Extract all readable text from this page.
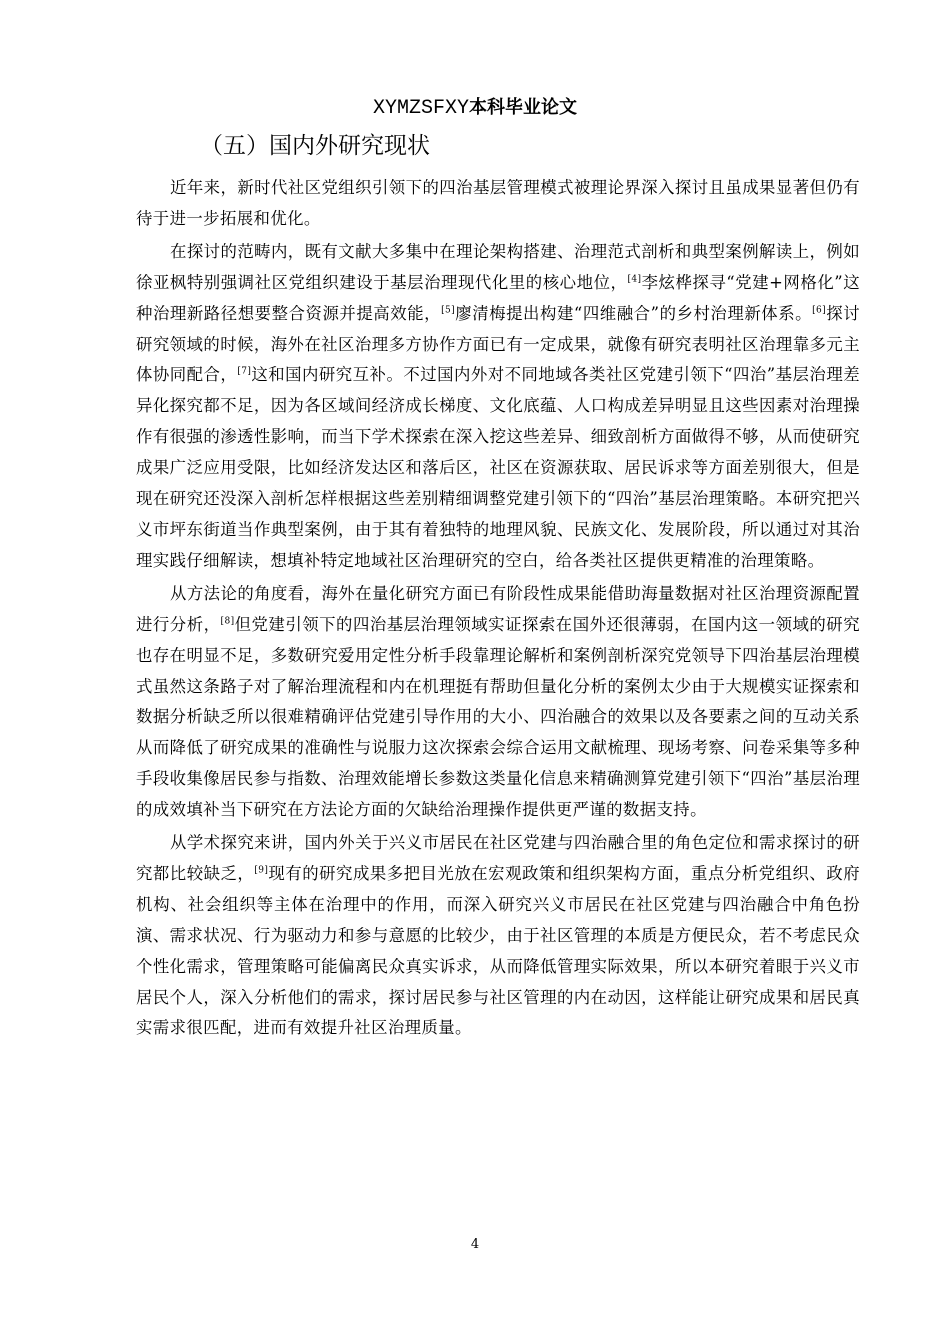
XYMZSFXY本科毕业论文
（五）国内外研究现状

近年来，新时代社区党组织引领下的四治基层管理模式被理论界深入探讨且虽成果显著但仍有待于进一步拓展和优化。

在探讨的范畴内，既有文献大多集中在理论架构搭建、治理范式剖析和典型案例解读上，例如徐亚枫特别强调社区党组织建设于基层治理现代化里的核心地位，[4]李炫桦探寻“党建+网格化”这种治理新路径想要整合资源并提高效能，[5]廖清梅提出构建“四维融合”的乡村治理新体系。[6]探讨研究领域的时候，海外在社区治理多方协作方面已有一定成果，就像有研究表明社区治理靠多元主体协同配合，[7]这和国内研究互补。不过国内外对不同地域各类社区党建引领下“四治”基层治理差异化探究都不足，因为各区域间经济成长梯度、文化底蕴、人口构成差异明显且这些因素对治理操作有很强的渗透性影响，而当下学术探索在深入挖这些差异、细致剖析方面做得不够，从而使研究成果广泛应用受限，比如经济发达区和落后区，社区在资源获取、居民诉求等方面差别很大，但是现在研究还没深入剖析怎样根据这些差别精细调整党建引领下的“四治”基层治理策略。本研究把兴义市坪东街道当作典型案例，由于其有着独特的地理风貌、民族文化、发展阶段，所以通过对其治理实践仔细解读，想填补特定地域社区治理研究的空白，给各类社区提供更精准的治理策略。

从方法论的角度看，海外在量化研究方面已有阶段性成果能借助海量数据对社区治理资源配置进行分析，[8]但党建引领下的四治基层治理领域实证探索在国外还很薄弱，在国内这一领域的研究也存在明显不足，多数研究爱用定性分析手段靠理论解析和案例剖析深究党领导下四治基层治理模式虽然这条路子对了解治理流程和内在机理挺有帮助但量化分析的案例太少由于大规模实证探索和数据分析缺乏所以很难精确评估党建引导作用的大小、四治融合的效果以及各要素之间的互动关系从而降低了研究成果的准确性与说服力这次探索会综合运用文献梳理、现场考察、问卷采集等多种手段收集像居民参与指数、治理效能增长参数这类量化信息来精确测算党建引领下“四治”基层治理的成效填补当下研究在方法论方面的欠缺给治理操作提供更严谨的数据支持。

从学术探究来讲，国内外关于兴义市居民在社区党建与四治融合里的角色定位和需求探讨的研究都比较缺乏，[9]现有的研究成果多把目光放在宏观政策和组织架构方面，重点分析党组织、政府机构、社会组织等主体在治理中的作用，而深入研究兴义市居民在社区党建与四治融合中角色扮演、需求状况、行为驱动力和参与意愿的比较少，由于社区管理的本质是方便民众，若不考虑民众个性化需求，管理策略可能偏离民众真实诉求，从而降低管理实际效果，所以本研究着眼于兴义市居民个人，深入分析他们的需求，探讨居民参与社区管理的内在动因，这样能让研究成果和居民真实需求很匹配，进而有效提升社区治理质量。

4
